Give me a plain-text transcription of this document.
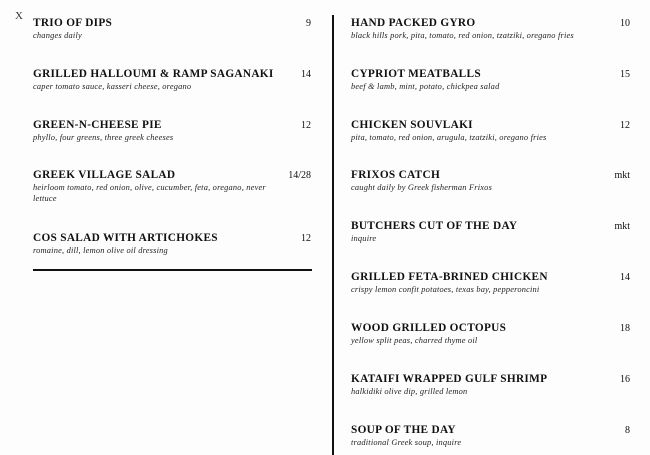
X
TRIO OF DIPS
changes daily
9
GRILLED HALLOUMI & RAMP SAGANAKI
caper tomato sauce, kasseri cheese, oregano
14
GREEN-N-CHEESE PIE
phyllo, four greens, three greek cheeses
12
GREEK VILLAGE SALAD
heirloom tomato, red onion, olive, cucumber, feta, oregano, never lettuce
14/28
COS SALAD WITH ARTICHOKES
romaine, dill, lemon olive oil dressing
12
HAND PACKED GYRO
black hills pork, pita, tomato, red onion, tzatziki, oregano fries
10
CYPRIOT MEATBALLS
beef & lamb, mint, potato, chickpea salad
15
CHICKEN SOUVLAKI
pita, tomato, red onion, arugula, tzatziki, oregano fries
12
FRIXOS CATCH
caught daily by Greek fisherman Frixos
mkt
BUTCHERS CUT OF THE DAY
inquire
mkt
GRILLED FETA-BRINED CHICKEN
crispy lemon confit potatoes, texas bay, pepperoncini
14
WOOD GRILLED OCTOPUS
yellow split peas, charred thyme oil
18
KATAIFI WRAPPED GULF SHRIMP
halkidiki olive dip, grilled lemon
16
SOUP OF THE DAY
traditional Greek soup, inquire
8
